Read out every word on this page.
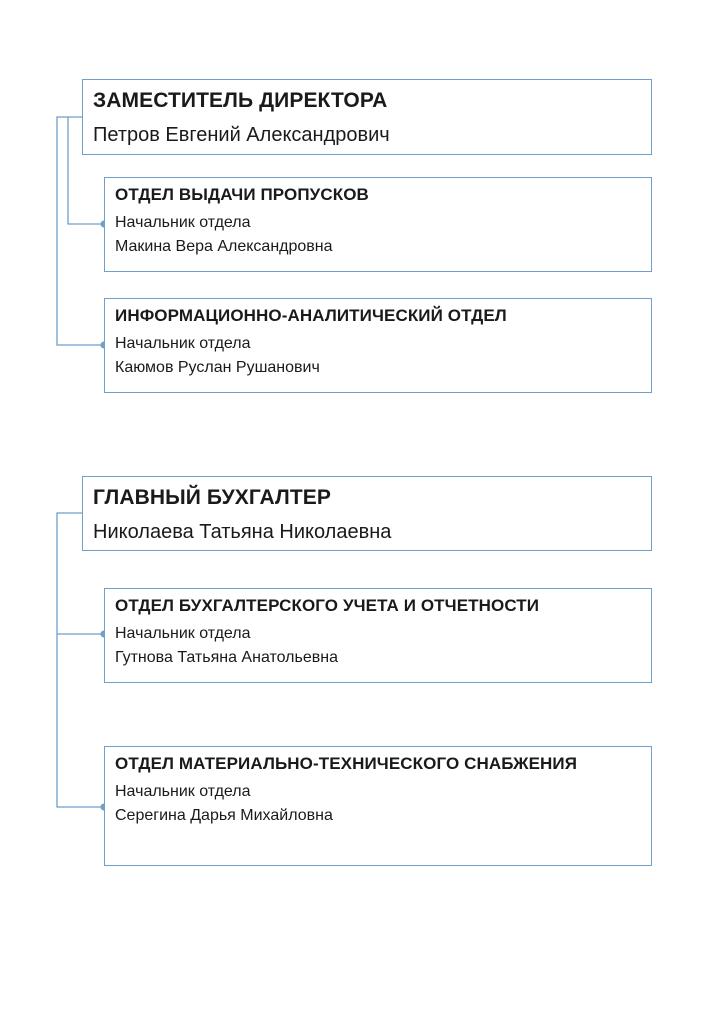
ЗАМЕСТИТЕЛЬ ДИРЕКТОРА
Петров Евгений Александрович
ОТДЕЛ ВЫДАЧИ ПРОПУСКОВ
Начальник отдела
Макина Вера Александровна
ИНФОРМАЦИОННО-АНАЛИТИЧЕСКИЙ ОТДЕЛ
Начальник отдела
Каюмов Руслан Рушанович
ГЛАВНЫЙ БУХГАЛТЕР
Николаева Татьяна Николаевна
ОТДЕЛ БУХГАЛТЕРСКОГО УЧЕТА И ОТЧЕТНОСТИ
Начальник отдела
Гутнова Татьяна Анатольевна
ОТДЕЛ МАТЕРИАЛЬНО-ТЕХНИЧЕСКОГО СНАБЖЕНИЯ
Начальник отдела
Серегина Дарья Михайловна
